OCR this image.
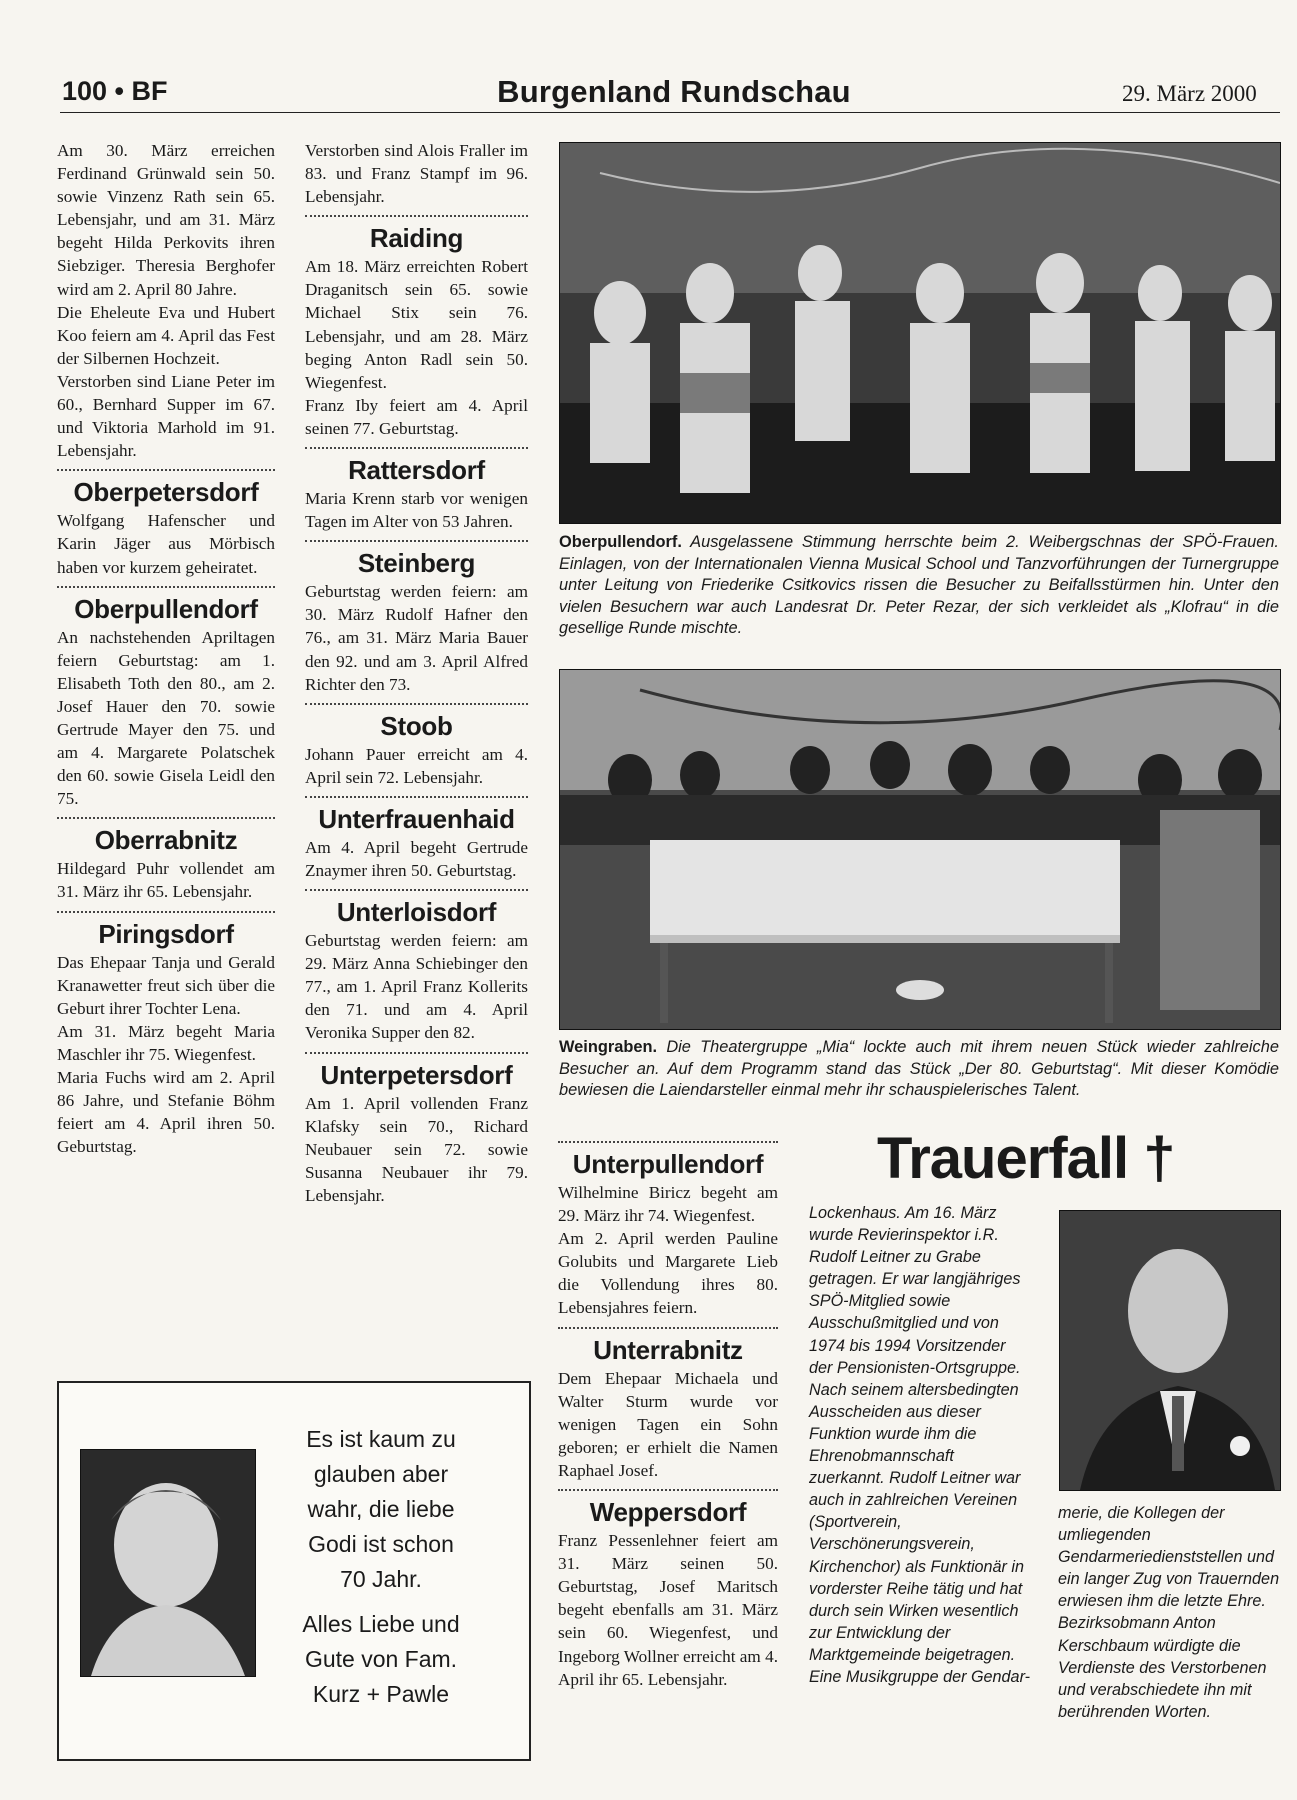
100 • BF	Burgenland Rundschau	29. März 2000

Am 30. März erreichen Ferdinand Grünwald sein 50. sowie Vinzenz Rath sein 65. Lebensjahr, und am 31. März begeht Hilda Perkovits ihren Siebziger. Theresia Berghofer wird am 2. April 80 Jahre.

Die Eheleute Eva und Hubert Koo feiern am 4. April das Fest der Silbernen Hochzeit.

Verstorben sind Liane Peter im 60., Bernhard Supper im 67. und Viktoria Marhold im 91. Lebensjahr.

Oberpetersdorf

Wolfgang Hafenscher und Karin Jäger aus Mörbisch haben vor kurzem geheiratet.

Oberpullendorf

An nachstehenden Apriltagen feiern Geburtstag: am 1. Elisabeth Toth den 80., am 2. Josef Hauer den 70. sowie Gertrude Mayer den 75. und am 4. Margarete Polatschek den 60. sowie Gisela Leidl den 75.

Oberrabnitz

Hildegard Puhr vollendet am 31. März ihr 65. Lebensjahr.

Piringsdorf

Das Ehepaar Tanja und Gerald Kranawetter freut sich über die Geburt ihrer Tochter Lena.

Am 31. März begeht Maria Maschler ihr 75. Wiegenfest.

Maria Fuchs wird am 2. April 86 Jahre, und Stefanie Böhm feiert am 4. April ihren 50. Geburtstag.

Verstorben sind Alois Fraller im 83. und Franz Stampf im 96. Lebensjahr.

Raiding

Am 18. März erreichten Robert Draganitsch sein 65. sowie Michael Stix sein 76. Lebensjahr, und am 28. März beging Anton Radl sein 50. Wiegenfest.

Franz Iby feiert am 4. April seinen 77. Geburtstag.

Rattersdorf

Maria Krenn starb vor wenigen Tagen im Alter von 53 Jahren.

Steinberg

Geburtstag werden feiern: am 30. März Rudolf Hafner den 76., am 31. März Maria Bauer den 92. und am 3. April Alfred Richter den 73.

Stoob

Johann Pauer erreicht am 4. April sein 72. Lebensjahr.

Unterfrauenhaid

Am 4. April begeht Gertrude Znaymer ihren 50. Geburtstag.

Unterloisdorf

Geburtstag werden feiern: am 29. März Anna Schiebinger den 77., am 1. April Franz Kollerits den 71. und am 4. April Veronika Supper den 82.

Unterpetersdorf

Am 1. April vollenden Franz Klafsky sein 70., Richard Neubauer sein 72. sowie Susanna Neubauer ihr 79. Lebensjahr.

Oberpullendorf. Ausgelassene Stimmung herrschte beim 2. Weibergschnas der SPÖ-Frauen. Einlagen, von der Internationalen Vienna Musical School und Tanzvorführungen der Turnergruppe unter Leitung von Friederike Csitkovics rissen die Besucher zu Beifallsstürmen hin. Unter den vielen Besuchern war auch Landesrat Dr. Peter Rezar, der sich verkleidet als „Klofrau“ in die gesellige Runde mischte.
Weingraben. Die Theatergruppe „Mia“ lockte auch mit ihrem neuen Stück wieder zahlreiche Besucher an. Auf dem Programm stand das Stück „Der 80. Geburtstag“. Mit dieser Komödie bewiesen die Laiendarsteller einmal mehr ihr schauspielerisches Talent.
Unterpullendorf

Wilhelmine Biricz begeht am 29. März ihr 74. Wiegenfest.

Am 2. April werden Pauline Golubits und Margarete Lieb die Vollendung ihres 80. Lebensjahres feiern.

Unterrabnitz

Dem Ehepaar Michaela und Walter Sturm wurde vor wenigen Tagen ein Sohn geboren; er erhielt die Namen Raphael Josef.

Weppersdorf

Franz Pessenlehner feiert am 31. März seinen 50. Geburtstag, Josef Maritsch begeht ebenfalls am 31. März sein 60. Wiegenfest, und Ingeborg Wollner erreicht am 4. April ihr 65. Lebensjahr.

Trauerfall †

Lockenhaus. Am 16. März wurde Revierinspektor i.R. Rudolf Leitner zu Grabe getragen. Er war langjähriges SPÖ-Mitglied sowie Ausschußmitglied und von 1974 bis 1994 Vorsitzender der Pensionisten-Ortsgruppe. Nach seinem altersbedingten Ausscheiden aus dieser Funktion wurde ihm die Ehrenobmannschaft zuerkannt. Rudolf Leitner war auch in zahlreichen Vereinen (Sportverein, Verschönerungsverein, Kirchenchor) als Funktionär in vorderster Reihe tätig und hat durch sein Wirken wesentlich zur Entwicklung der Marktgemeinde beigetragen. Eine Musikgruppe der Gendar-

merie, die Kollegen der umliegenden Gendarmeriedienststellen und ein langer Zug von Trauernden erwiesen ihm die letzte Ehre. Bezirksobmann Anton Kerschbaum würdigte die Verdienste des Verstorbenen und verabschiedete ihn mit berührenden Worten.

Es ist kaum zu

glauben aber

wahr, die liebe

Godi ist schon

70 Jahr.

Alles Liebe und

Gute von Fam.

Kurz + Pawle
